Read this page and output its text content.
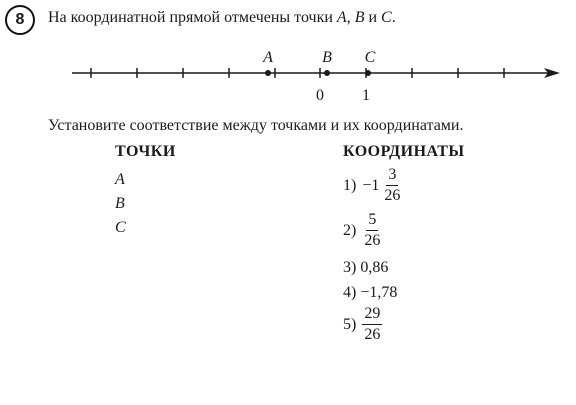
8 На координатной прямой отмечены точки A, B и C.
A	B C
0 1
Установите соответствие между точками и их координатами.
ТОЧКИ	КООРДИНАТЫ
A
B
C
$1) -1 \frac{3}{26}$
$2) \frac{5}{26}$
3) 0,86
4) −1,78
$5) \frac{29}{26}$
